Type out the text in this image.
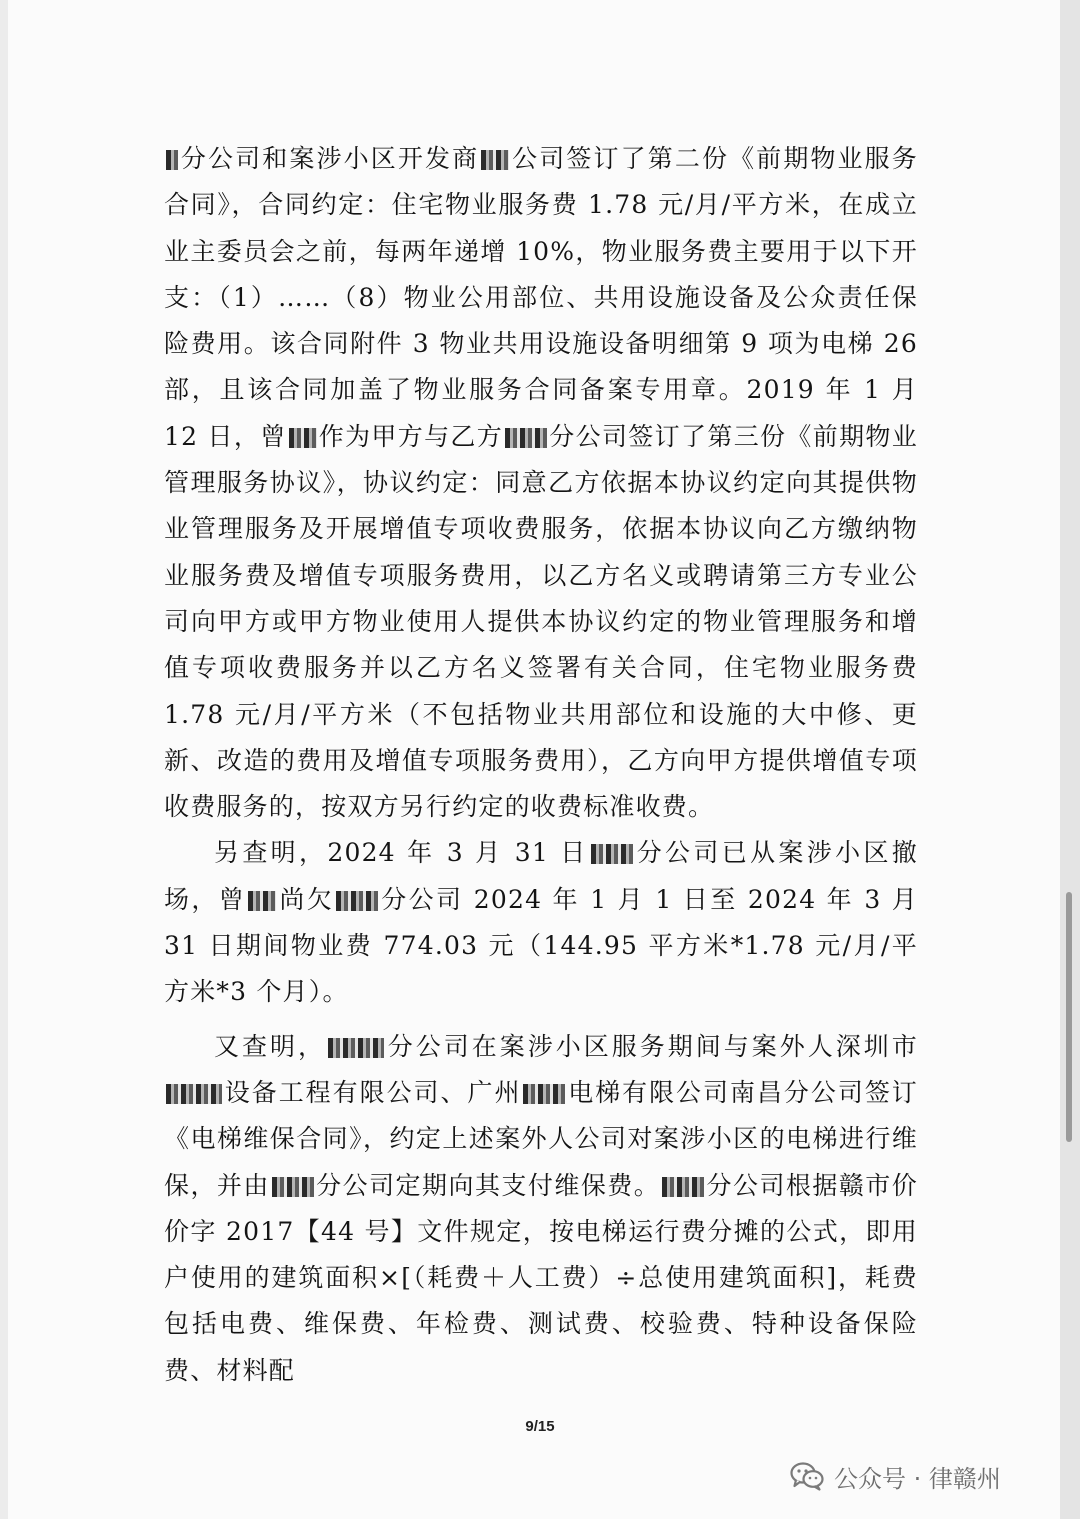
分公司和案涉小区开发商 公司签订了第二份《前期物业服务合同》，合同约定：住宅物业服务费 1.78 元/月/平方米，在成立业主委员会之前，每两年递增 10%，物业服务费主要用于以下开支：（1）……（8）物业公用部位、共用设施设备及公众责任保险费用。该合同附件 3 物业共用设施设备明细第 9 项为电梯 26 部，且该合同加盖了物业服务合同备案专用章。2019 年 1 月 12 日，曾 作为甲方与乙方 分公司签订了第三份《前期物业管理服务协议》，协议约定：同意乙方依据本协议约定向其提供物业管理服务及开展增值专项收费服务，依据本协议向乙方缴纳物业服务费及增值专项服务费用，以乙方名义或聘请第三方专业公司向甲方或甲方物业使用人提供本协议约定的物业管理服务和增值专项收费服务并以乙方名义签署有关合同，住宅物业服务费 1.78 元/月/平方米（不包括物业共用部位和设施的大中修、更新、改造的费用及增值专项服务费用），乙方向甲方提供增值专项收费服务的，按双方另行约定的收费标准收费。

另查明，2024 年 3 月 31 日 分公司已从案涉小区撤场，曾 尚欠 分公司 2024 年 1 月 1 日至 2024 年 3 月 31 日期间物业费 774.03 元（144.95 平方米*1.78 元/月/平方米*3 个月）。

又查明， 分公司在案涉小区服务期间与案外人深圳市设备工程有限公司、广州 电梯有限公司南昌分公司签订《电梯维保合同》，约定上述案外人公司对案涉小区的电梯进行维保，并由 分公司定期向其支付维保费。 分公司根据赣市价价字 2017【44 号】文件规定，按电梯运行费分摊的公式，即用户使用的建筑面积×[（耗费＋人工费）÷总使用建筑面积]，耗费包括电费、维保费、年检费、测试费、校验费、特种设备保险费、材料配

9/15
公众号 · 律赣州
